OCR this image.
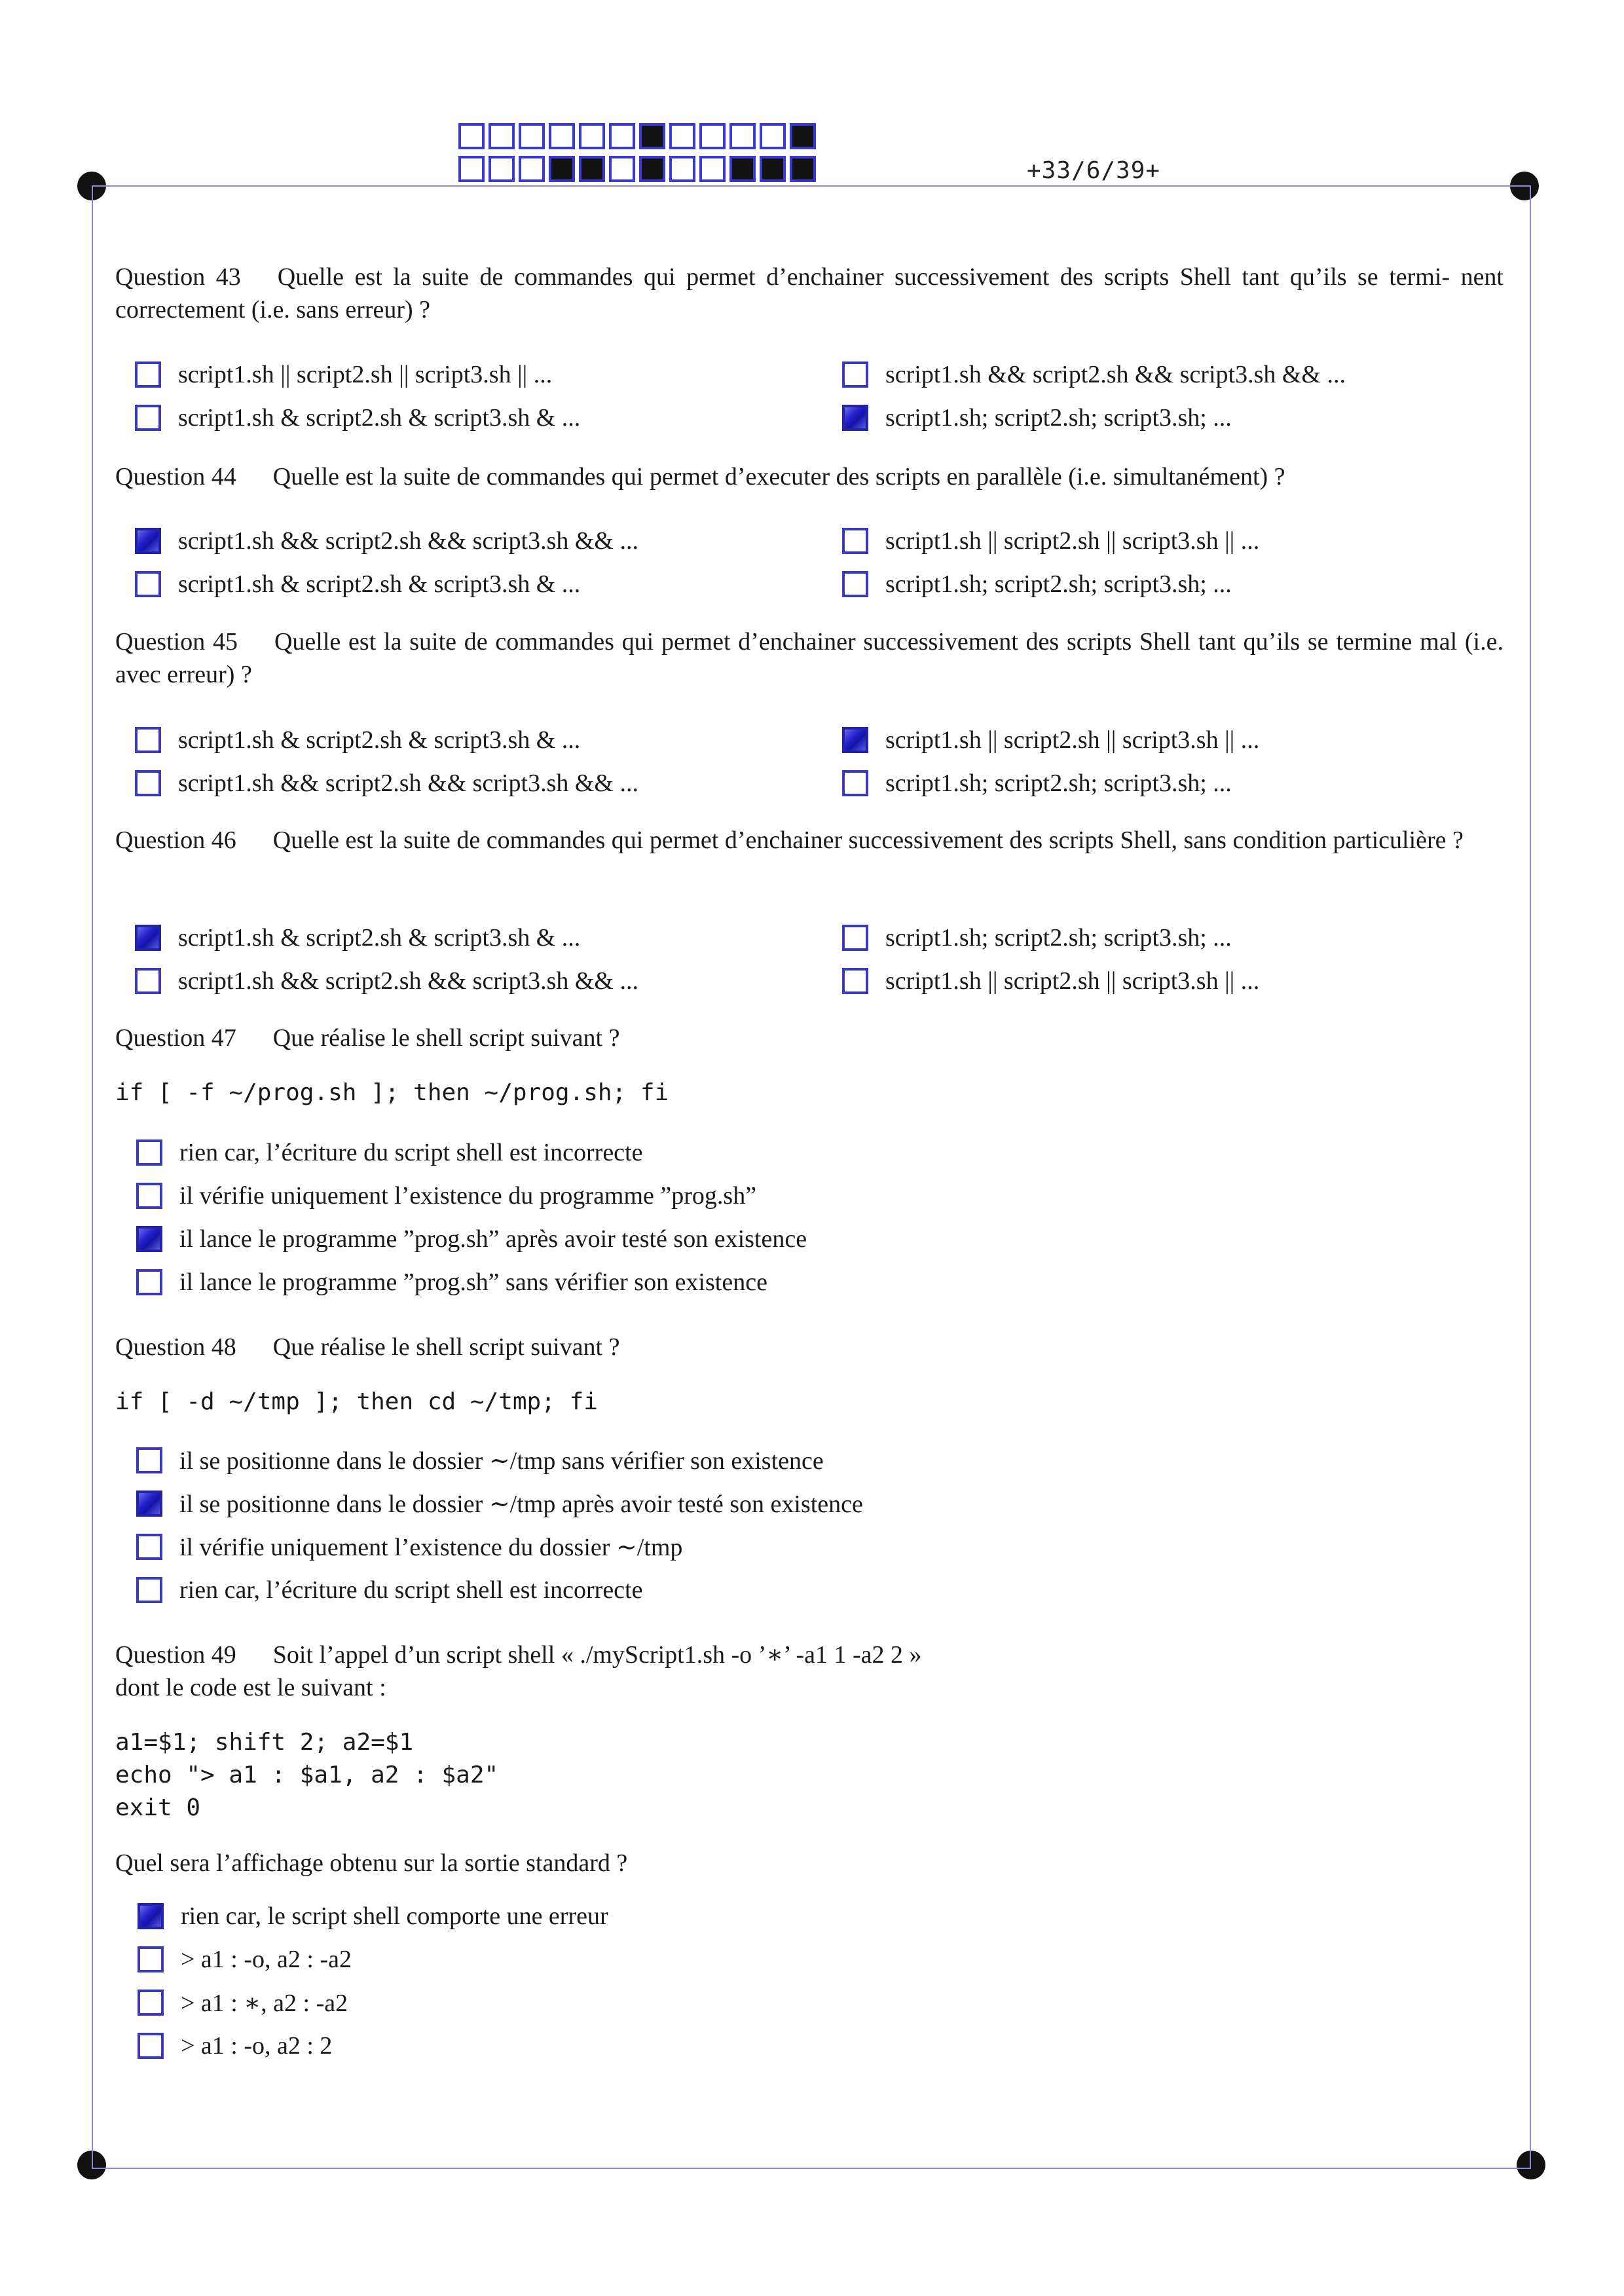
+33/6/39+
Question 43 Quelle est la suite de commandes qui permet d’enchainer successivement des scripts Shell tant qu’ils se termi- nent correctement (i.e. sans erreur) ?
script1.sh || script2.sh || script3.sh || ...
script1.sh & script2.sh & script3.sh & ...
script1.sh && script2.sh && script3.sh && ...
script1.sh; script2.sh; script3.sh; ...
Question 44 Quelle est la suite de commandes qui permet d’executer des scripts en parallèle (i.e. simultanément) ?
script1.sh && script2.sh && script3.sh && ...
script1.sh & script2.sh & script3.sh & ...
script1.sh || script2.sh || script3.sh || ...
script1.sh; script2.sh; script3.sh; ...
Question 45 Quelle est la suite de commandes qui permet d’enchainer successivement des scripts Shell tant qu’ils se termine mal (i.e. avec erreur) ?
script1.sh & script2.sh & script3.sh & ...
script1.sh && script2.sh && script3.sh && ...
script1.sh || script2.sh || script3.sh || ...
script1.sh; script2.sh; script3.sh; ...
Question 46 Quelle est la suite de commandes qui permet d’enchainer successivement des scripts Shell, sans condition particulière ?
script1.sh & script2.sh & script3.sh & ...
script1.sh && script2.sh && script3.sh && ...
script1.sh; script2.sh; script3.sh; ...
script1.sh || script2.sh || script3.sh || ...
Question 47 Que réalise le shell script suivant ?
if [ -f ~/prog.sh ]; then ~/prog.sh; fi
rien car, l’écriture du script shell est incorrecte
il vérifie uniquement l’existence du programme ”prog.sh”
il lance le programme ”prog.sh” après avoir testé son existence
il lance le programme ”prog.sh” sans vérifier son existence
Question 48 Que réalise le shell script suivant ?
if [ -d ~/tmp ]; then cd ~/tmp; fi
il se positionne dans le dossier ∼/tmp sans vérifier son existence
il se positionne dans le dossier ∼/tmp après avoir testé son existence
il vérifie uniquement l’existence du dossier ∼/tmp
rien car, l’écriture du script shell est incorrecte
Question 49 Soit l’appel d’un script shell « ./myScript1.sh -o ’∗’ -a1 1 -a2 2 »
dont le code est le suivant :
a1=$1; shift 2; a2=$1
echo "> a1 : $a1, a2 : $a2"
exit 0
Quel sera l’affichage obtenu sur la sortie standard ?
rien car, le script shell comporte une erreur
> a1 : -o, a2 : -a2
> a1 : ∗, a2 : -a2
> a1 : -o, a2 : 2
